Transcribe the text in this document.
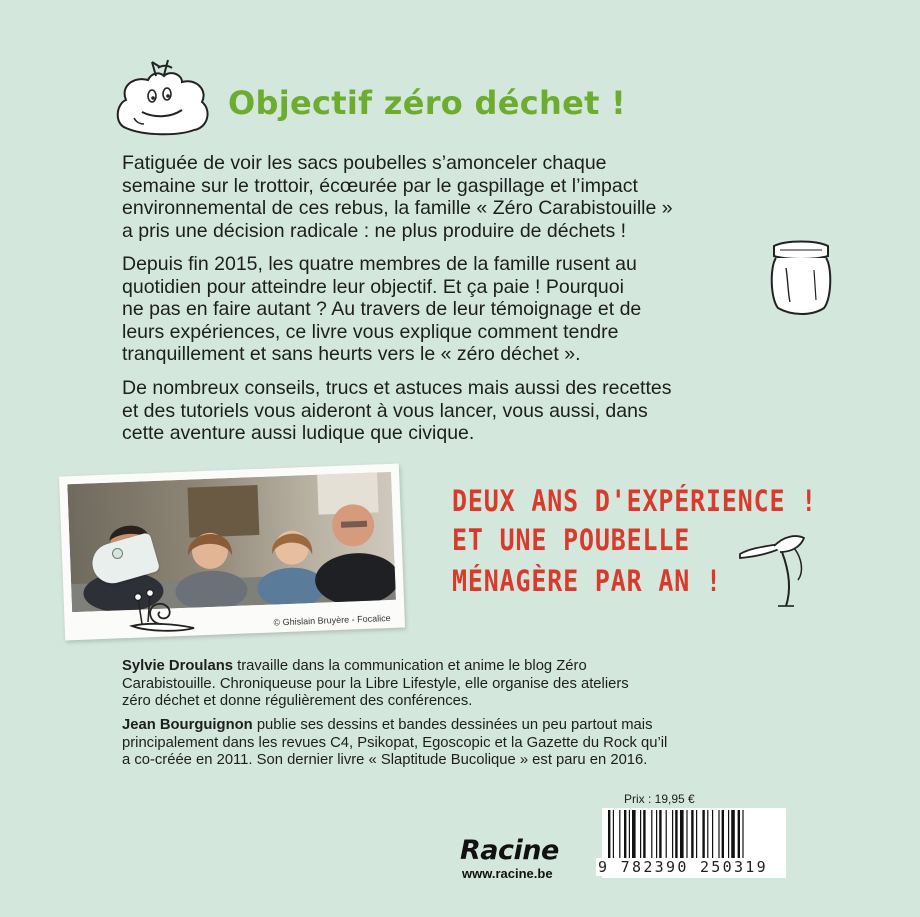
Objectif zéro déchet !
Fatiguée de voir les sacs poubelles s’amonceler chaque
semaine sur le trottoir, écœurée par le gaspillage et l’impact
environnemental de ces rebus, la famille « Zéro Carabistouille »
a pris une décision radicale : ne plus produire de déchets !
Depuis fin 2015, les quatre membres de la famille rusent au
quotidien pour atteindre leur objectif. Et ça paie ! Pourquoi
ne pas en faire autant ? Au travers de leur témoignage et de
leurs expériences, ce livre vous explique comment tendre
tranquillement et sans heurts vers le « zéro déchet ».
De nombreux conseils, trucs et astuces mais aussi des recettes
et des tutoriels vous aideront à vous lancer, vous aussi, dans
cette aventure aussi ludique que civique.
© Ghislain Bruyère - Focalice
DEUX ANS D'EXPÉRIENCE !
ET UNE POUBELLE
MÉNAGÈRE PAR AN !
Sylvie Droulans travaille dans la communication et anime le blog Zéro
Carabistouille. Chroniqueuse pour la Libre Lifestyle, elle organise des ateliers
zéro déchet et donne régulièrement des conférences.
Jean Bourguignon publie ses dessins et bandes dessinées un peu partout mais
principalement dans les revues C4, Psikopat, Egoscopic et la Gazette du Rock qu’il
a co-créée en 2011. Son dernier livre « Slaptitude Bucolique » est paru en 2016.
Racine
www.racine.be
Prix : 19,95 €
9 782390 250319
